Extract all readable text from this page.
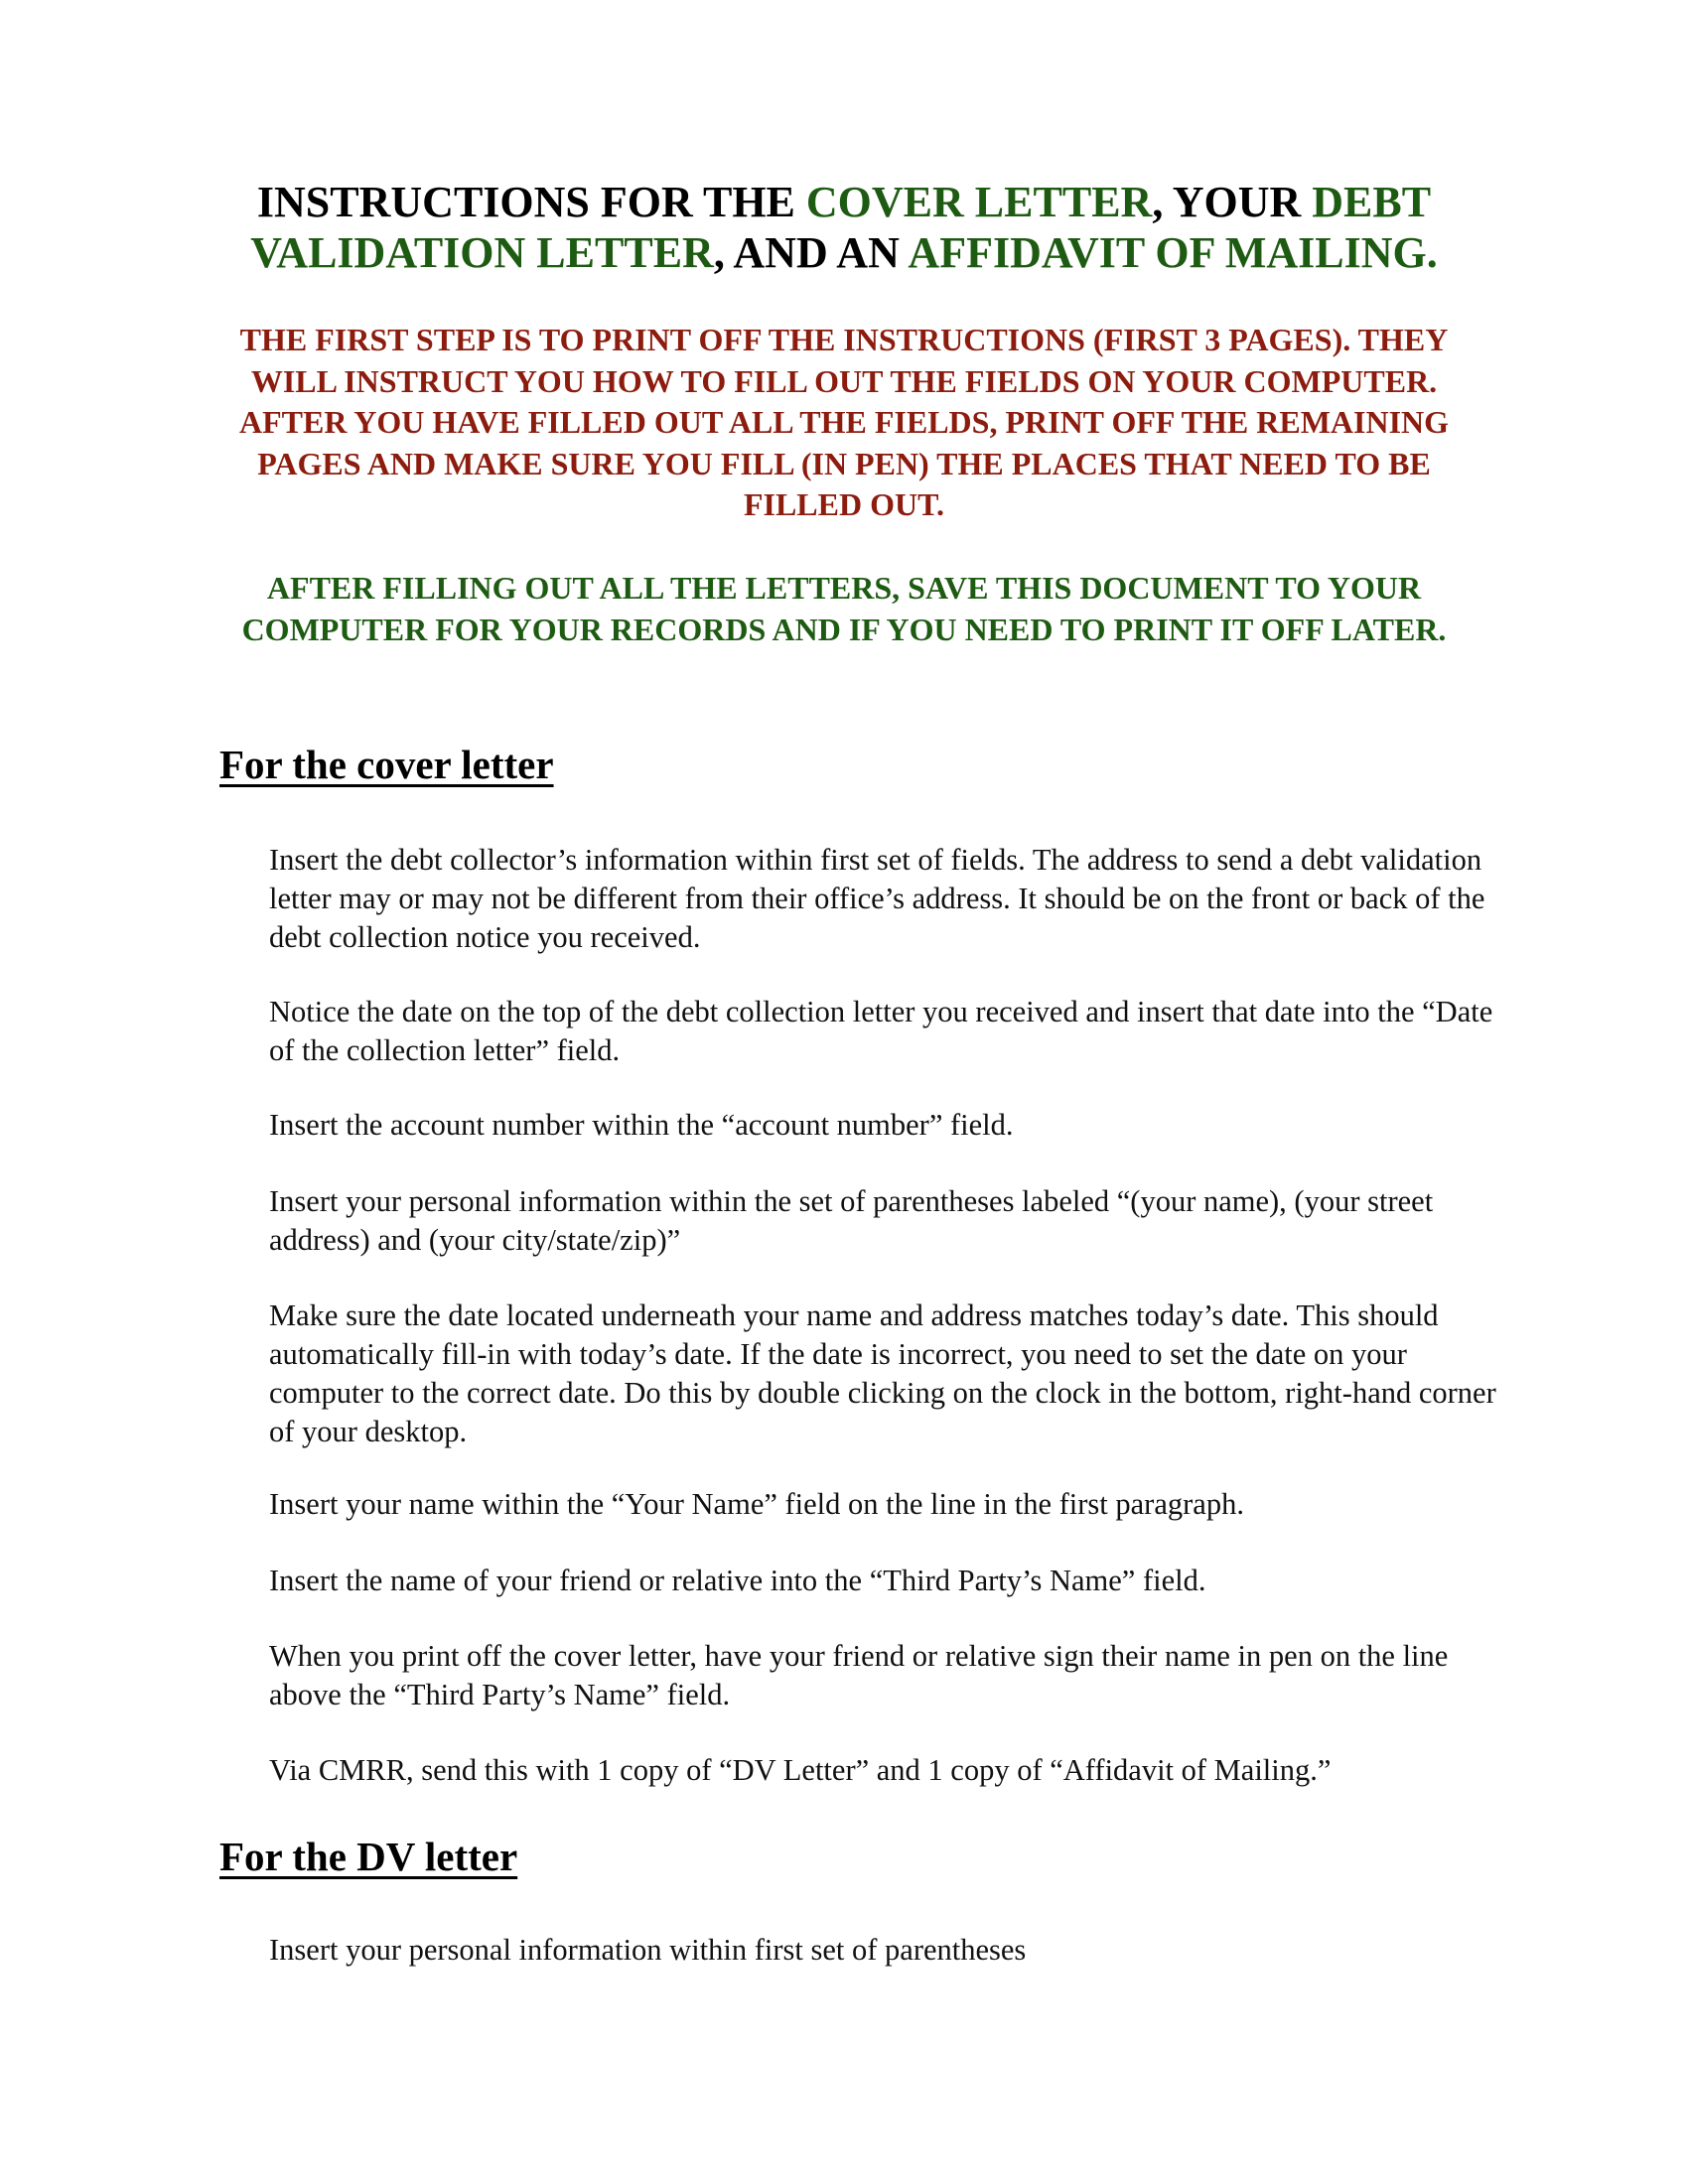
INSTRUCTIONS FOR THE COVER LETTER, YOUR DEBT VALIDATION LETTER, AND AN AFFIDAVIT OF MAILING.
THE FIRST STEP IS TO PRINT OFF THE INSTRUCTIONS (FIRST 3 PAGES). THEY WILL INSTRUCT YOU HOW TO FILL OUT THE FIELDS ON YOUR COMPUTER. AFTER YOU HAVE FILLED OUT ALL THE FIELDS, PRINT OFF THE REMAINING PAGES AND MAKE SURE YOU FILL (IN PEN) THE PLACES THAT NEED TO BE FILLED OUT.
AFTER FILLING OUT ALL THE LETTERS, SAVE THIS DOCUMENT TO YOUR COMPUTER FOR YOUR RECORDS AND IF YOU NEED TO PRINT IT OFF LATER.
For the cover letter
Insert the debt collector’s information within first set of fields. The address to send a debt validation letter may or may not be different from their office’s address. It should be on the front or back of the debt collection notice you received.
Notice the date on the top of the debt collection letter you received and insert that date into the “Date of the collection letter” field.
Insert the account number within the “account number” field.
Insert your personal information within the set of parentheses labeled “(your name), (your street address) and (your city/state/zip)”
Make sure the date located underneath your name and address matches today’s date. This should automatically fill-in with today’s date. If the date is incorrect, you need to set the date on your computer to the correct date. Do this by double clicking on the clock in the bottom, right-hand corner of your desktop.
Insert your name within the “Your Name” field on the line in the first paragraph.
Insert the name of your friend or relative into the “Third Party’s Name” field.
When you print off the cover letter, have your friend or relative sign their name in pen on the line above the “Third Party’s Name” field.
Via CMRR, send this with 1 copy of “DV Letter” and 1 copy of “Affidavit of Mailing.”
For the DV letter
Insert your personal information within first set of parentheses
